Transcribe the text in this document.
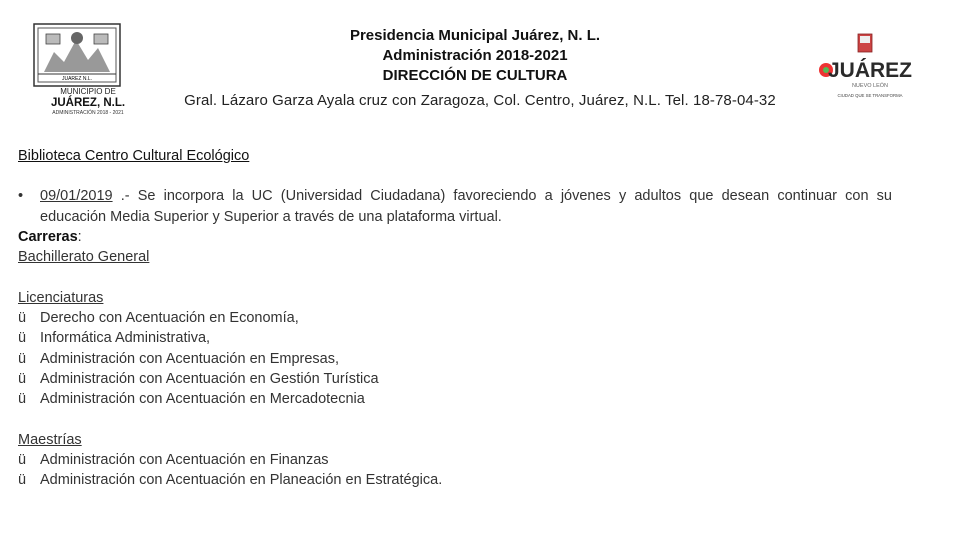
JUAREZ N.L.
MUNICIPIO DE
JUÁREZ, N.L.
ADMINISTRACIÓN 2018 - 2021
Presidencia Municipal Juárez, N. L.
Administración 2018-2021
DIRECCIÓN DE CULTURA
Gral. Lázaro Garza Ayala cruz con Zaragoza, Col. Centro, Juárez, N.L. Tel. 18-78-04-32
JUÁREZ
NUEVO LEÓN
CIUDAD QUE SE TRANSFORMA
Biblioteca Centro Cultural Ecológico
•	09/01/2019 .- Se incorpora la UC (Universidad Ciudadana) favoreciendo a jóvenes y adultos que desean continuar con su educación Media Superior y Superior a través de una plataforma virtual.
Carreras:
Bachillerato General
Licenciaturas
ü Derecho con Acentuación en Economía,
ü Informática Administrativa,
ü Administración con Acentuación en Empresas,
ü Administración con Acentuación en Gestión Turística
ü Administración con Acentuación en Mercadotecnia
Maestrías
ü Administración con Acentuación en Finanzas
ü Administración con Acentuación en Planeación en Estratégica.
